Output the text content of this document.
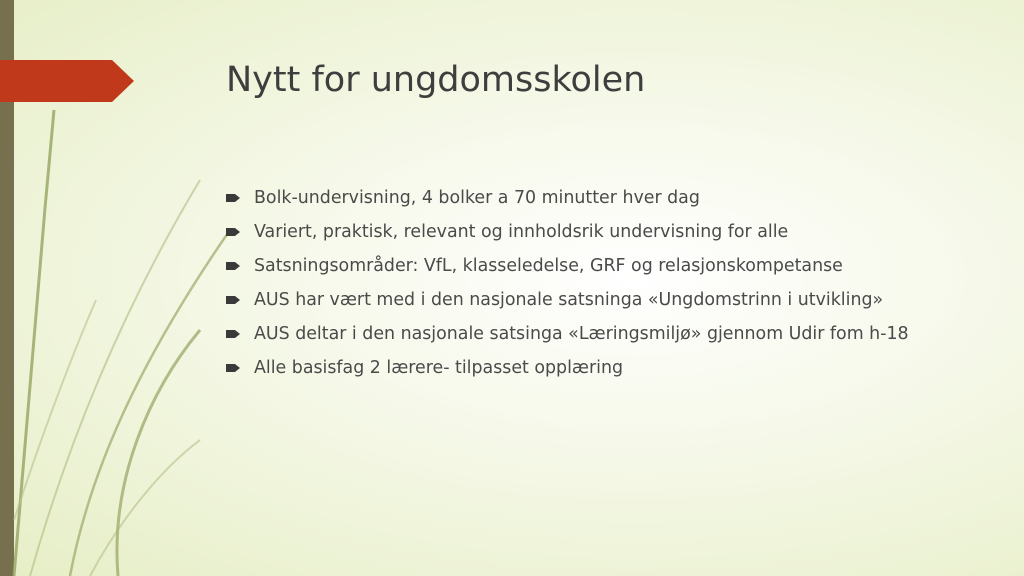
Nytt for ungdomsskolen
Bolk-undervisning, 4 bolker a 70 minutter hver dag
Variert, praktisk, relevant og innholdsrik undervisning for alle
Satsningsområder: VfL, klasseledelse, GRF og relasjonskompetanse
AUS har vært med i den nasjonale satsninga «Ungdomstrinn i utvikling»
AUS deltar i den nasjonale satsinga «Læringsmiljø» gjennom Udir fom h-18
Alle basisfag 2 lærere- tilpasset opplæring
